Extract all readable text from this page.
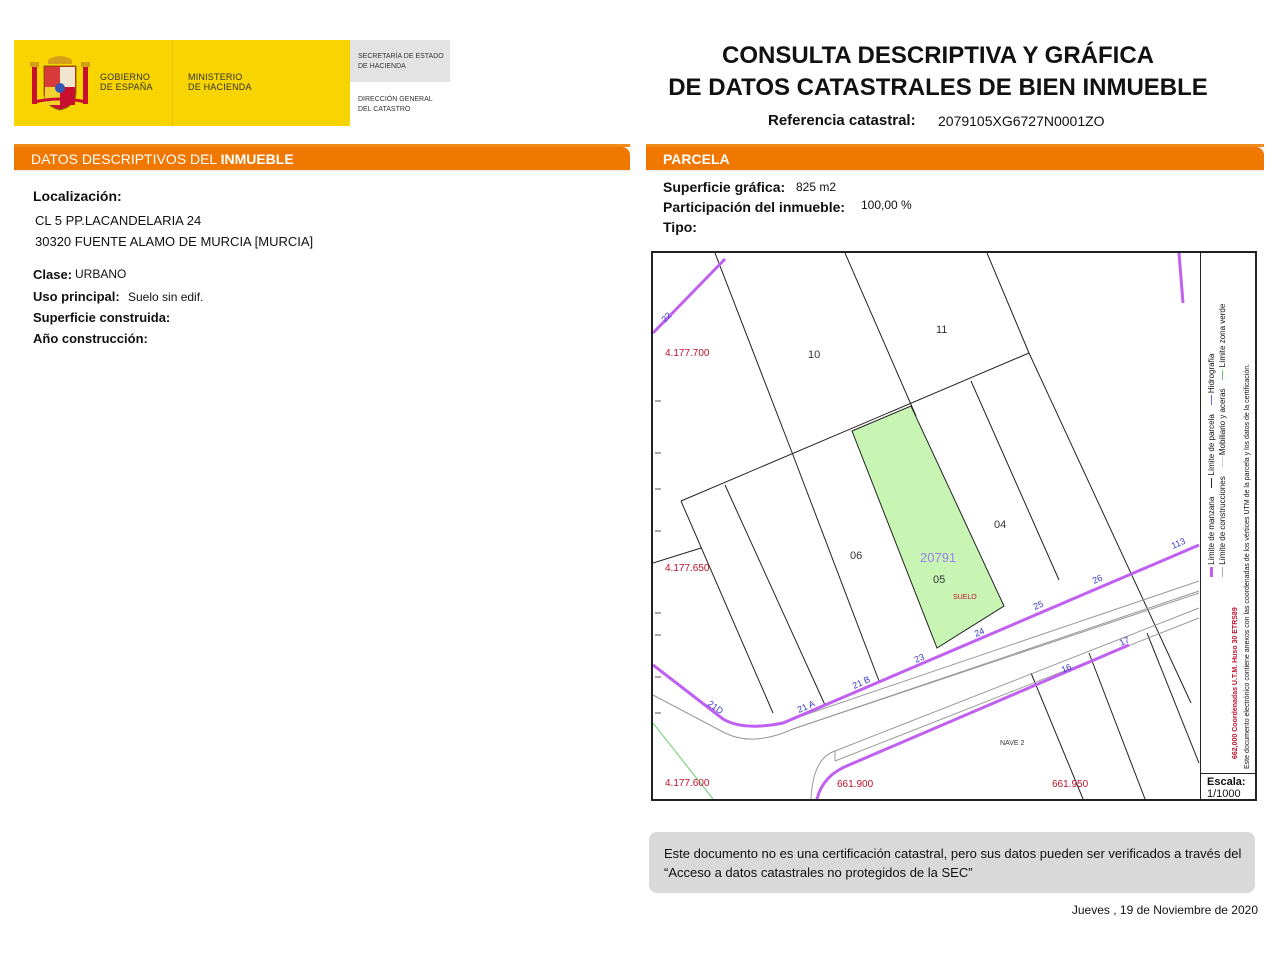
GOBIERNO
DE ESPAÑA
MINISTERIO
DE HACIENDA
SECRETARÍA DE ESTADO
DE HACIENDA
DIRECCIÓN GENERAL
DEL CATASTRO
CONSULTA DESCRIPTIVA Y GRÁFICA
DE DATOS CATASTRALES DE BIEN INMUEBLE
Referencia catastral:	2079105XG6727N0001ZO
DATOS DESCRIPTIVOS DEL INMUEBLE	PARCELA
Localización:
CL 5 PP.LACANDELARIA 24
30320 FUENTE ALAMO DE MURCIA [MURCIA]
Clase: URBANO
Uso principal: Suelo sin edif.
Superficie construida:
Año construcción:
Superficie gráfica: 825 m2
Participación del inmueble: 100,00 %
Tipo:
4.177.700
4.177.650
4.177.600	661.900	661.950
10
11
06
04
05
20791
SUELO
NAVE 2
22
21D	21 A
21 B
23
24
25
26
113
16
17
Límite de manzana     Límite de parcela     Hidrografía
Límite de construcciones     Mobiliario y aceras     Límite zona verde
662,000 Coordenadas U.T.M. Huso 30 ETRS89 Este documento electrónico contiene anexos con las coordenadas de los vértices UTM de la parcela y los datos de la certificación.
Escala:
1/1000
Este documento no es una certificación catastral, pero sus datos pueden ser verificados a través del “Acceso a datos catastrales no protegidos de la SEC”
Jueves , 19 de Noviembre de 2020
